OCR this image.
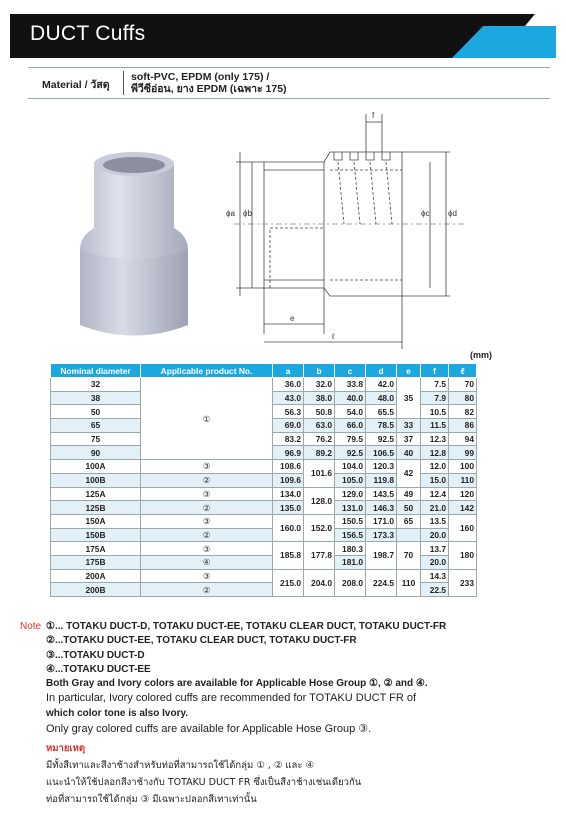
DUCT Cuffs
Material / วัสดุ
soft-PVC, EPDM (only 175) /
พีวีซีอ่อน, ยาง EPDM (เฉพาะ 175)
f
ϕa ϕb	ϕc ϕd
e
ℓ
(mm)
Nominal diameter	Applicable product No.	a	b	c	d	e	f	ℓ
32	①	36.0	32.0	33.8	42.0	35	7.5	70
38		43.0	38.0	40.0	48.0		7.9	80
50		56.3	50.8	54.0	65.5		10.5	82
65		69.0	63.0	66.0	78.5	33	11.5	86
75		83.2	76.2	79.5	92.5	37	12.3	94
90		96.9	89.2	92.5	106.5	40	12.8	99
100A	③	108.6	101.6	104.0	120.3	42	12.0	100
100B	②	109.6		105.0	119.8		15.0	110
125A	③	134.0	128.0	129.0	143.5	49	12.4	120
125B	②	135.0		131.0	146.3	50	21.0	142
150A	③	160.0	152.0	150.5	171.0	65	13.5	160
150B	②			156.5	173.3		20.0	
175A	③	185.8	177.8	180.3	198.7	70	13.7	180
175B	④			181.0			20.0	
200A	③	215.0	204.0	208.0	224.5	110	14.3	233
200B	②						22.5	
Note ①... TOTAKU DUCT-D, TOTAKU DUCT-EE, TOTAKU CLEAR DUCT, TOTAKU DUCT-FR
②...TOTAKU DUCT-EE, TOTAKU CLEAR DUCT, TOTAKU DUCT-FR
③...TOTAKU DUCT-D
④...TOTAKU DUCT-EE
Both Gray and Ivory colors are available for Applicable Hose Group ①, ② and ④.
In particular, Ivory colored cuffs are recommended for TOTAKU DUCT FR of
which color tone is also Ivory.
Only gray colored cuffs are available for Applicable Hose Group ③.
หมายเหตุ
มีทั้งสีเทาและสีงาช้างสำหรับท่อที่สามารถใช้ได้กลุ่ม ① , ② และ ④
แนะนำให้ใช้ปลอกสีงาช้างกับ TOTAKU DUCT FR ซึ่งเป็นสีงาช้างเช่นเดียวกัน
ท่อที่สามารถใช้ได้กลุ่ม ③ มีเฉพาะปลอกสีเทาเท่านั้น
